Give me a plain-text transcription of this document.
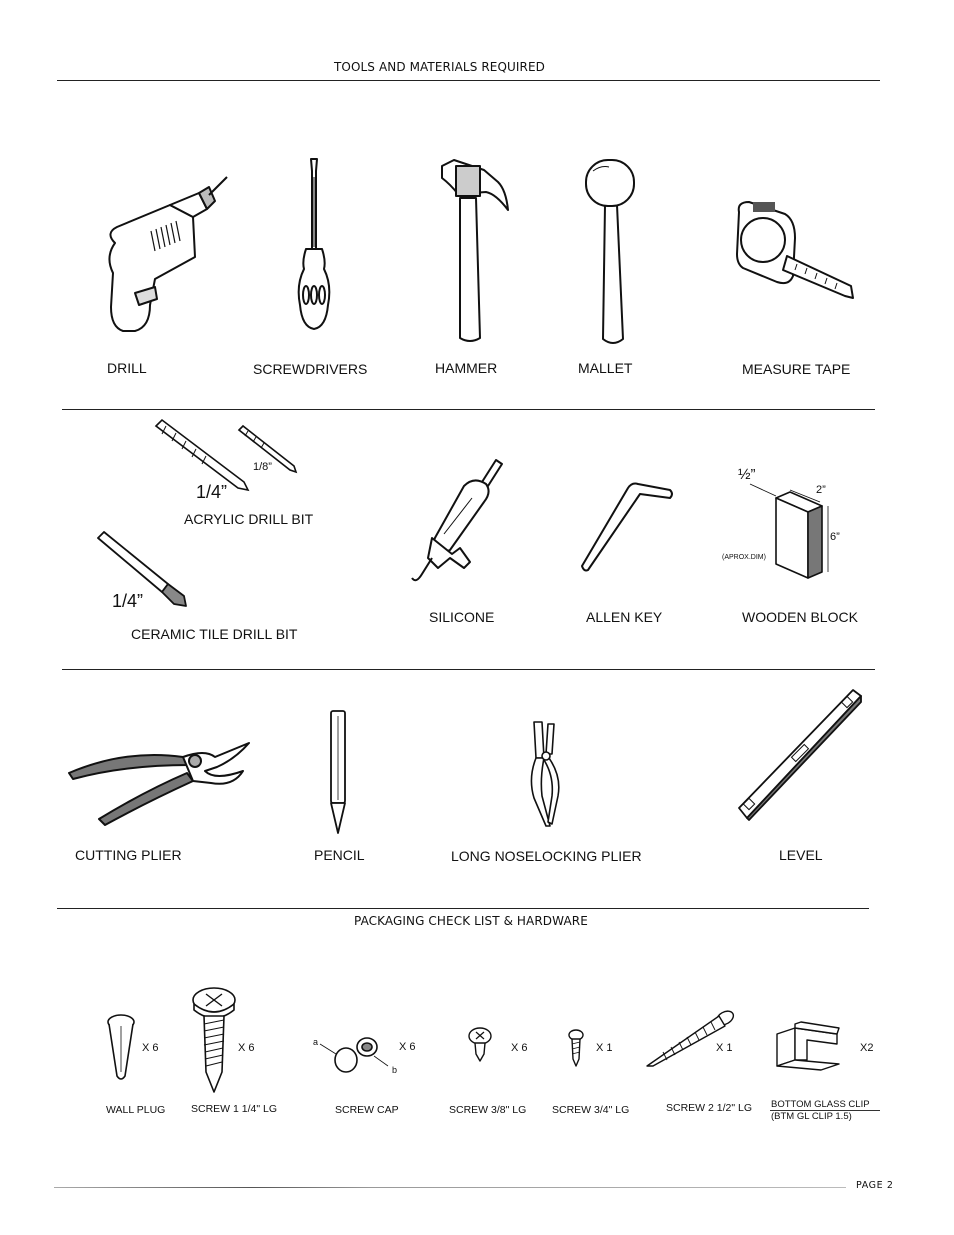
TOOLS AND MATERIALS REQUIRED
DRILL	SCREWDRIVERS	HAMMER	MALLET	MEASURE TAPE
1/8”
1/4”
ACRYLIC DRILL BIT
1/4”
CERAMIC TILE DRILL BIT
½”
2”
6”
(APROX.DIM)
SILICONE	ALLEN KEY	WOODEN BLOCK
CUTTING PLIER	PENCIL	LONG NOSELOCKING PLIER	LEVEL
PACKAGING CHECK LIST & HARDWARE
X 6
WALL PLUG
X 6
SCREW 1 1/4" LG
a
b
X 6
SCREW CAP
X 6
SCREW 3/8" LG
X 1
SCREW 3/4" LG
X 1
SCREW 2 1/2" LG
X2
BOTTOM GLASS CLIP
(BTM GL CLIP 1.5)
PAGE 2
